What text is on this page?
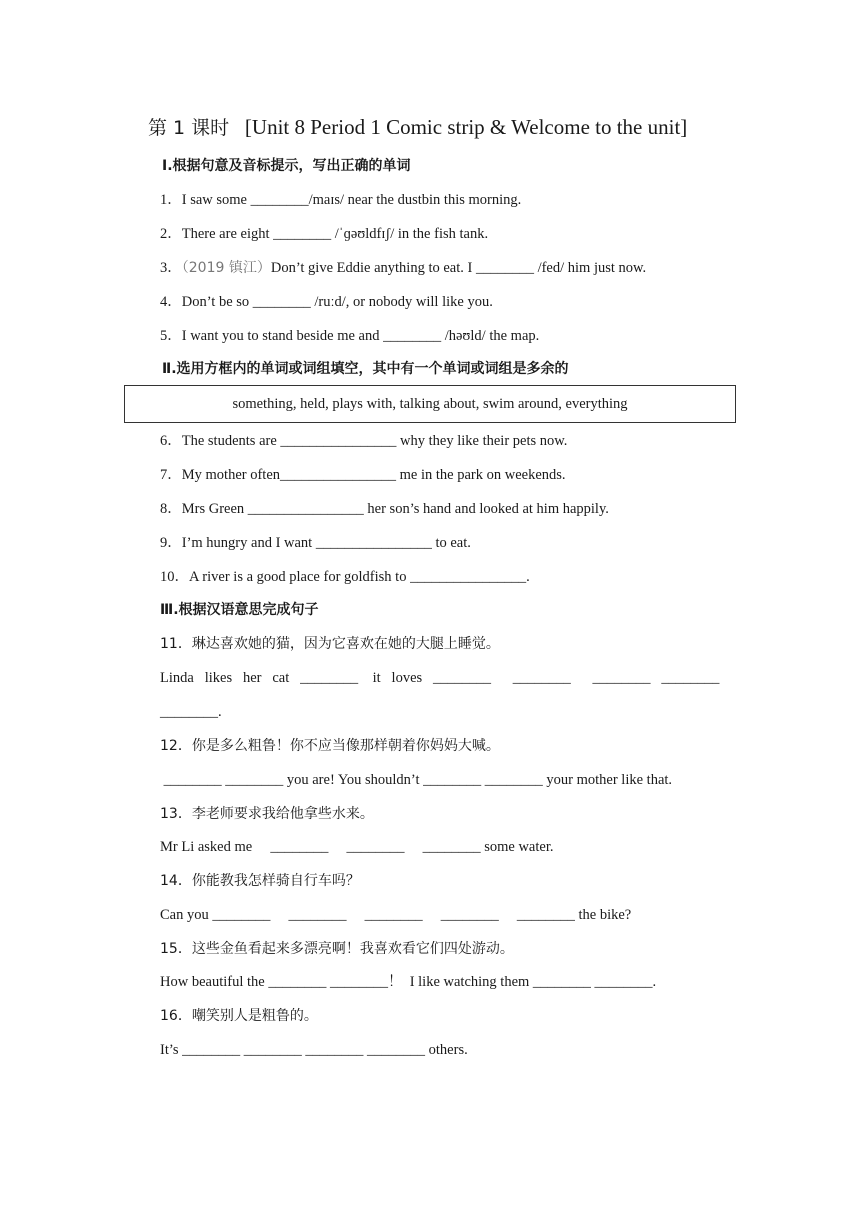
第 1 课时 [Unit 8 Period 1 Comic strip & Welcome to the unit]
Ⅰ.根据句意及音标提示，写出正确的单词
1．I saw some ________/maɪs/ near the dustbin this morning.
2．There are eight ________ /ˈɡəʊldfɪʃ/ in the fish tank.
3．（2019 镇江）Don’t give Eddie anything to eat. I ________ /fed/ him just now.
4．Don’t be so ________ /ruːd/, or nobody will like you.
5．I want you to stand beside me and ________ /həʊld/ the map.
Ⅱ.选用方框内的单词或词组填空，其中有一个单词或词组是多余的
something, held, plays with, talking about, swim around, everything
6．The students are ________________ why they like their pets now.
7．My mother often________________ me in the park on weekends.
8．Mrs Green ________________ her son’s hand and looked at him happily.
9．I’m hungry and I want ________________ to eat.
10．A river is a good place for goldfish to ________________.
Ⅲ.根据汉语意思完成句子
11．琳达喜欢她的猫，因为它喜欢在她的大腿上睡觉。
Linda   likes   her   cat   ________    it   loves   ________      ________      ________   ________
________.
12．你是多么粗鲁！你不应当像那样朝着你妈妈大喊。
________ ________ you are! You shouldn’t ________ ________ your mother like that.
13．李老师要求我给他拿些水来。
Mr Li asked me     ________     ________     ________ some water.
14．你能教我怎样骑自行车吗？
Can you ________     ________     ________     ________     ________ the bike?
15．这些金鱼看起来多漂亮啊！我喜欢看它们四处游动。
How beautiful the ________ ________！  I like watching them ________ ________.
16．嘲笑别人是粗鲁的。
It’s ________ ________ ________ ________ others.
